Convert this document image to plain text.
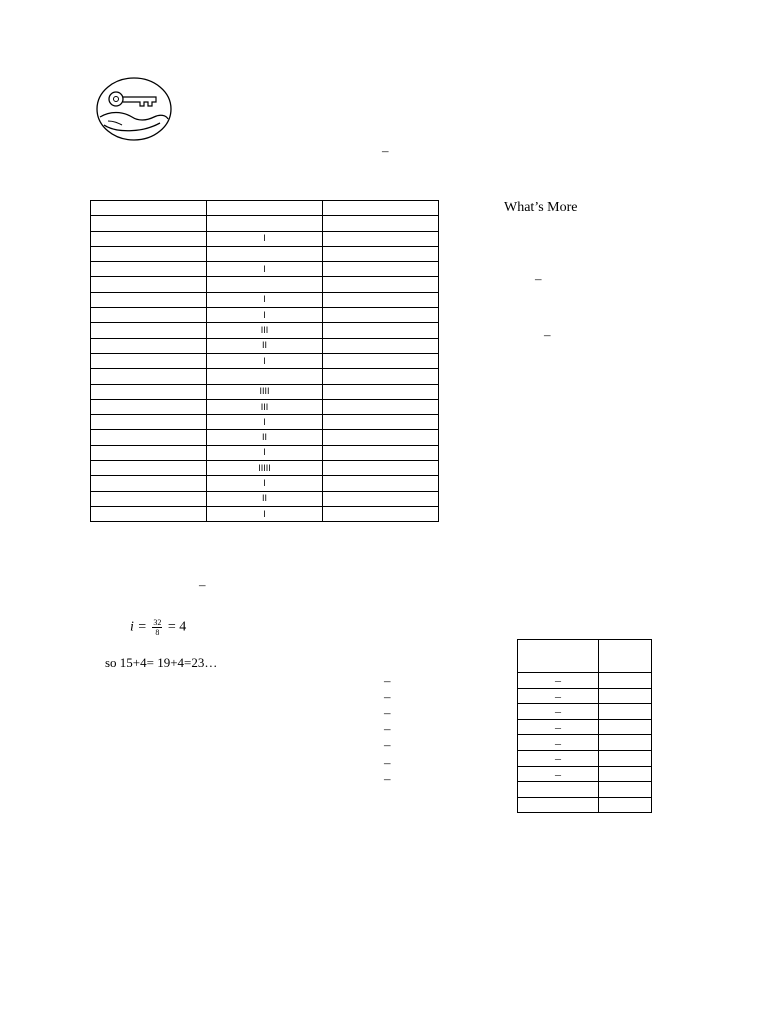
–
What’s More
–
–

	I	

	I	

	I	
	I	
	III	
	II	
	I	

	IIII	
	III	
	I	
	II	
	I	
	IIIII	
	I	
	II	
	I	
–
$i = \frac{32}{8} = 4$
so 15+4= 19+4=23…
–
–
–
–
–
–
–

–	
–	
–	
–	
–	
–	
–	
